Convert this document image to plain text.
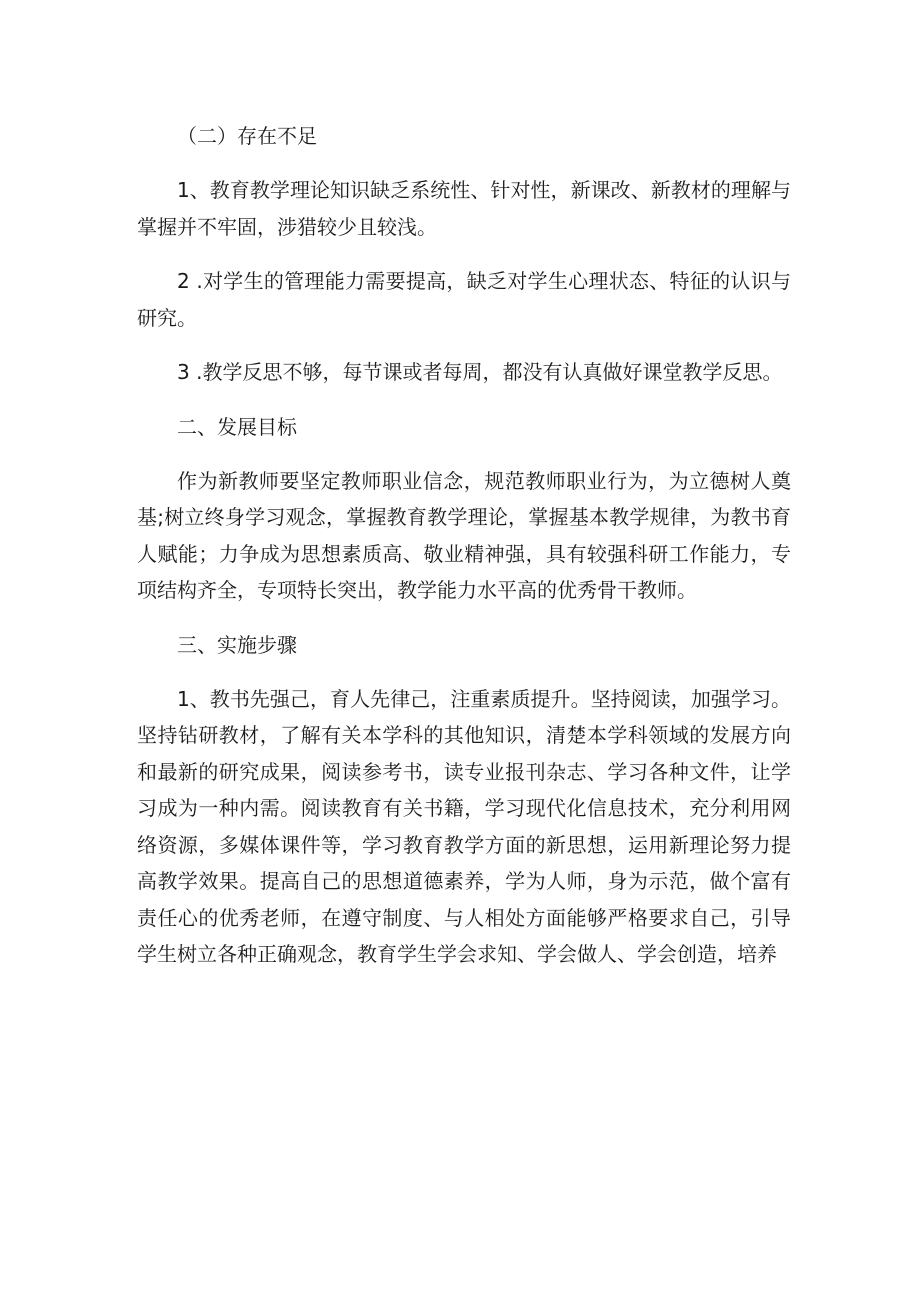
（二）存在不足

1、教育教学理论知识缺乏系统性、针对性，新课改、新教材的理解与掌握并不牢固，涉猎较少且较浅。

2 .对学生的管理能力需要提高，缺乏对学生心理状态、特征的认识与研究。

3 .教学反思不够，每节课或者每周，都没有认真做好课堂教学反思。

二、发展目标

作为新教师要坚定教师职业信念，规范教师职业行为，为立德树人奠基;树立终身学习观念，掌握教育教学理论，掌握基本教学规律，为教书育人赋能；力争成为思想素质高、敬业精神强，具有较强科研工作能力，专项结构齐全，专项特长突出，教学能力水平高的优秀骨干教师。

三、实施步骤

1、教书先强己，育人先律己，注重素质提升。坚持阅读，加强学习。坚持钻研教材，了解有关本学科的其他知识，清楚本学科领域的发展方向和最新的研究成果，阅读参考书，读专业报刊杂志、学习各种文件，让学习成为一种内需。阅读教育有关书籍，学习现代化信息技术，充分利用网络资源，多媒体课件等，学习教育教学方面的新思想，运用新理论努力提高教学效果。提高自己的思想道德素养，学为人师，身为示范，做个富有责任心的优秀老师，在遵守制度、与人相处方面能够严格要求自己，引导学生树立各种正确观念，教育学生学会求知、学会做人、学会创造，培养
